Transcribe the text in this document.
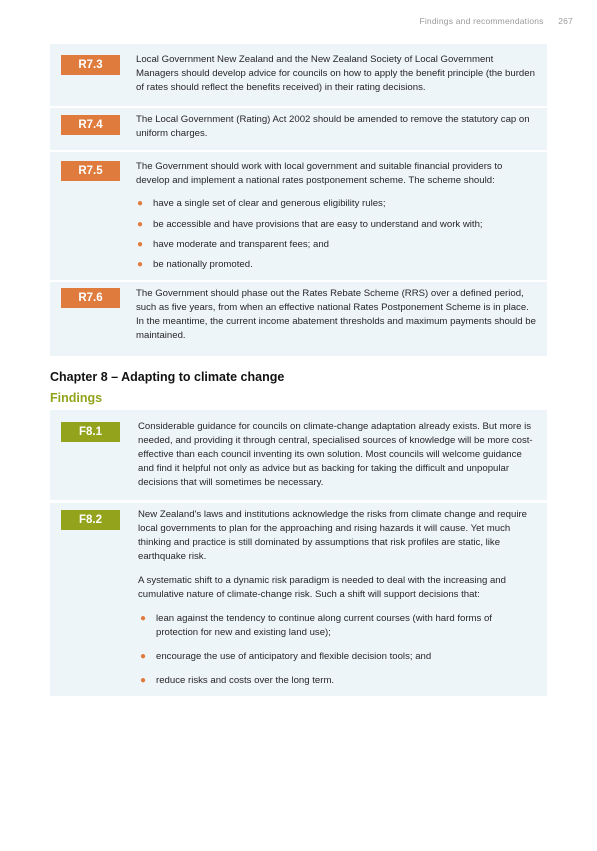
Findings and recommendations 267
R7.3	Local Government New Zealand and the New Zealand Society of Local Government Managers should develop advice for councils on how to apply the benefit principle (the burden of rates should reflect the benefits received) in their rating decisions.

R7.4	The Local Government (Rating) Act 2002 should be amended to remove the statutory cap on uniform charges.

R7.5	The Government should work with local government and suitable financial providers to develop and implement a national rates postponement scheme. The scheme should:

● have a single set of clear and generous eligibility rules;

● be accessible and have provisions that are easy to understand and work with;

● have moderate and transparent fees; and

● be nationally promoted.

R7.6	The Government should phase out the Rates Rebate Scheme (RRS) over a defined period, such as five years, from when an effective national Rates Postponement Scheme is in place. In the meantime, the current income abatement thresholds and maximum payments should be maintained.

Chapter 8 – Adapting to climate change
Findings
F8.1	Considerable guidance for councils on climate-change adaptation already exists. But more is needed, and providing it through central, specialised sources of knowledge will be more cost-effective than each council inventing its own solution. Most councils will welcome guidance and find it helpful not only as advice but as backing for taking the difficult and unpopular decisions that will sometimes be necessary.

F8.2	New Zealand's laws and institutions acknowledge the risks from climate change and require local governments to plan for the approaching and rising hazards it will cause. Yet much thinking and practice is still dominated by assumptions that risk profiles are static, like earthquake risk.

A systematic shift to a dynamic risk paradigm is needed to deal with the increasing and cumulative nature of climate-change risk. Such a shift will support decisions that:

● lean against the tendency to continue along current courses (with hard forms of protection for new and existing land use);

● encourage the use of anticipatory and flexible decision tools; and

● reduce risks and costs over the long term.
